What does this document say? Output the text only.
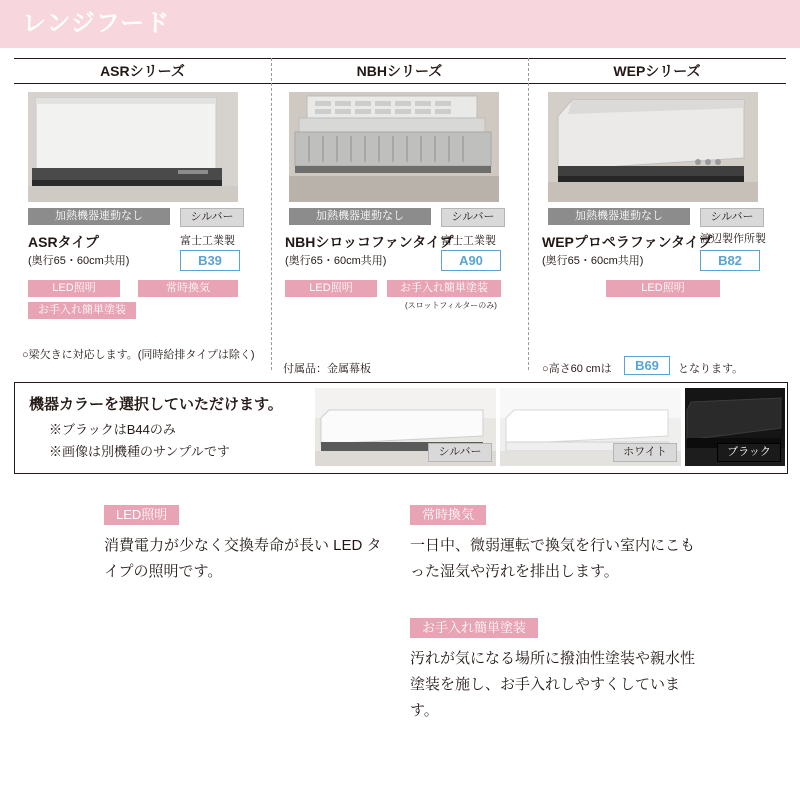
レンジフード
ASRシリーズ	NBHシリーズ	WEPシリーズ
加熱機器連動なし	シルバー
富士工業製
ASRタイプ
(奥行65・60cm共用)	B39
LED照明	常時換気
お手入れ簡単塗装
○梁欠きに対応します。(同時給排タイプは除く)
加熱機器連動なし	シルバー
富士工業製
NBHシロッコファンタイプ
(奥行65・60cm共用)	A90
LED照明	お手入れ簡単塗装
(スロットフィルターのみ)
付属品：金属幕板
加熱機器連動なし	シルバー
渡辺製作所製
WEPプロペラファンタイプ
(奥行65・60cm共用)	B82
LED照明
○高さ60 cmは	B69	となります。
機器カラーを選択していただけます。
※ブラックはB44のみ
※画像は別機種のサンプルです	シルバー	ホワイト	ブラック
LED照明
消費電力が少なく交換寿命が長い LED タイプの照明です。
常時換気
一日中、微弱運転で換気を行い室内にこもった湿気や汚れを排出します。
お手入れ簡単塗装
汚れが気になる場所に撥油性塗装や親水性塗装を施し、お手入れしやすくしています。
